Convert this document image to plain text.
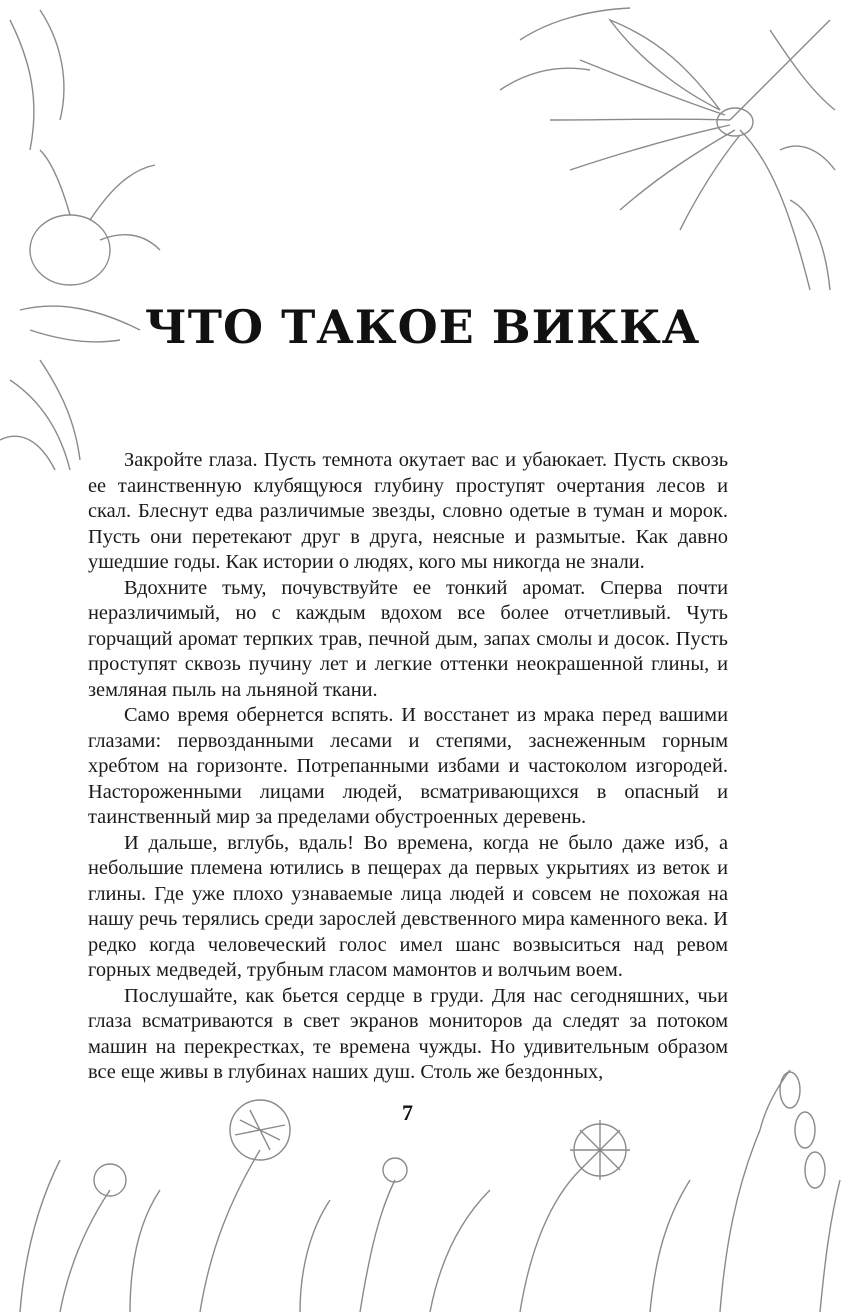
ЧТО ТАКОЕ ВИККА

Закройте глаза. Пусть темнота окутает вас и убаюкает. Пусть сквозь ее таинственную клубящуюся глубину проступят очертания лесов и скал. Блеснут едва различимые звезды, словно одетые в туман и морок. Пусть они перетекают друг в друга, неясные и размытые. Как давно ушедшие годы. Как истории о людях, кого мы никогда не знали.

Вдохните тьму, почувствуйте ее тонкий аромат. Сперва почти неразличимый, но с каждым вдохом все более отчетливый. Чуть горчащий аромат терпких трав, печной дым, запах смолы и досок. Пусть проступят сквозь пучину лет и легкие оттенки неокрашенной глины, и земляная пыль на льняной ткани.

Само время обернется вспять. И восстанет из мрака перед вашими глазами: первозданными лесами и степями, заснеженным горным хребтом на горизонте. Потрепанными избами и частоколом изгородей. Настороженными лицами людей, всматривающихся в опасный и таинственный мир за пределами обустроенных деревень.

И дальше, вглубь, вдаль! Во времена, когда не было даже изб, а небольшие племена ютились в пещерах да первых укрытиях из веток и глины. Где уже плохо узнаваемые лица людей и совсем не похожая на нашу речь терялись среди зарослей девственного мира каменного века. И редко когда человеческий голос имел шанс возвыситься над ревом горных медведей, трубным гласом мамонтов и волчьим воем.

Послушайте, как бьется сердце в груди. Для нас сегодняшних, чьи глаза всматриваются в свет экранов мониторов да следят за потоком машин на перекрестках, те времена чужды. Но удивительным образом все еще живы в глубинах наших душ. Столь же бездонных,

7
